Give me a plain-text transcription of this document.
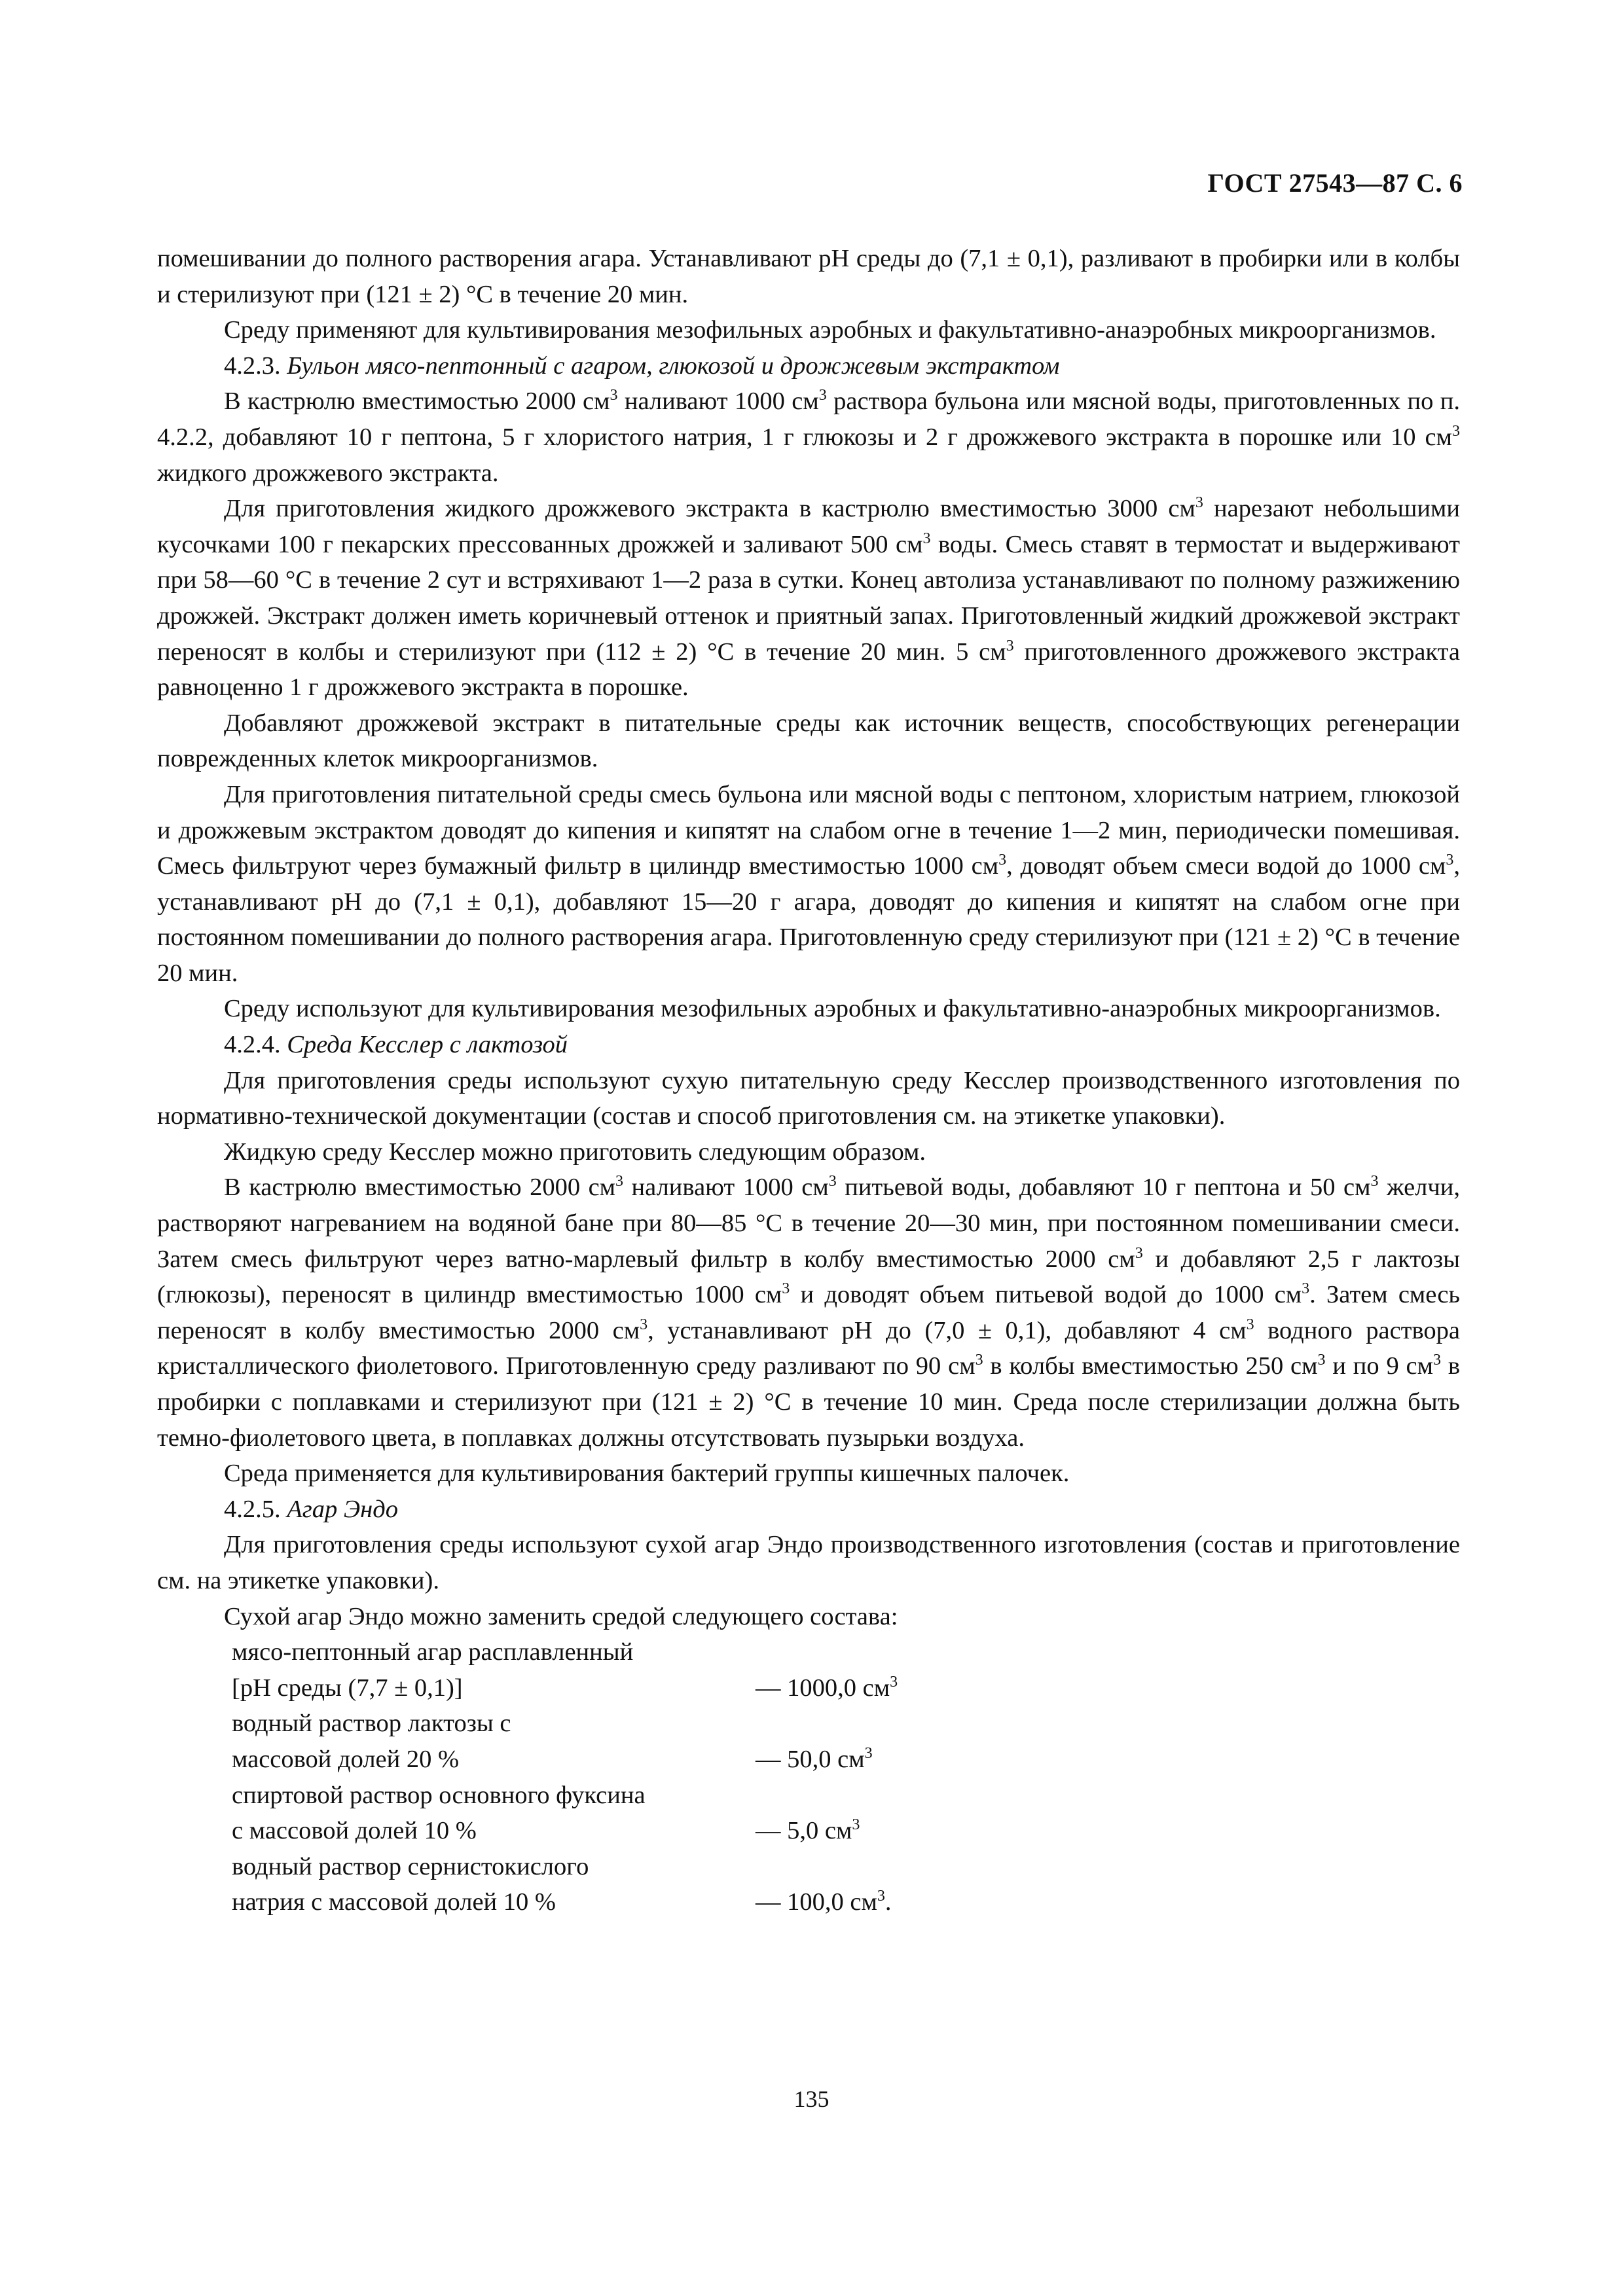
ГОСТ 27543—87 С. 6

помешивании до полного растворения агара. Устанавливают pH среды до (7,1 ± 0,1), разливают в пробирки или в колбы и стерилизуют при (121 ± 2) °С в течение 20 мин.

Среду применяют для культивирования мезофильных аэробных и факультативно-анаэробных микроорганизмов.

4.2.3. Бульон мясо-пептонный с агаром, глюкозой и дрожжевым экстрактом

В кастрюлю вместимостью 2000 $см^3$ наливают 1000 $см^3$ раствора бульона или мясной воды, приготовленных по п. 4.2.2, добавляют 10 г пептона, 5 г хлористого натрия, 1 г глюкозы и 2 г дрожжевого экстракта в порошке или 10 $см^3$ жидкого дрожжевого экстракта.

Для приготовления жидкого дрожжевого экстракта в кастрюлю вместимостью 3000 $см^3$ нарезают небольшими кусочками 100 г пекарских прессованных дрожжей и заливают 500 $см^3$ воды. Смесь ставят в термостат и выдерживают при 58—60 °С в течение 2 сут и встряхивают 1—2 раза в сутки. Конец автолиза устанавливают по полному разжижению дрожжей. Экстракт должен иметь коричневый оттенок и приятный запах. Приготовленный жидкий дрожжевой экстракт переносят в колбы и стерилизуют при (112 ± 2) °С в течение 20 мин. 5 $см^3$ приготовленного дрожжевого экстракта равноценно 1 г дрожжевого экстракта в порошке.

Добавляют дрожжевой экстракт в питательные среды как источник веществ, способствующих регенерации поврежденных клеток микроорганизмов.

Для приготовления питательной среды смесь бульона или мясной воды с пептоном, хлористым натрием, глюкозой и дрожжевым экстрактом доводят до кипения и кипятят на слабом огне в течение 1—2 мин, периодически помешивая. Смесь фильтруют через бумажный фильтр в цилиндр вместимостью 1000 $см^3$, доводят объем смеси водой до 1000 $см^3$, устанавливают pH до (7,1 ± 0,1), добавляют 15—20 г агара, доводят до кипения и кипятят на слабом огне при постоянном помешивании до полного растворения агара. Приготовленную среду стерилизуют при (121 ± 2) °С в течение 20 мин.

Среду используют для культивирования мезофильных аэробных и факультативно-анаэробных микроорганизмов.

4.2.4. Среда Кесслер с лактозой

Для приготовления среды используют сухую питательную среду Кесслер производственного изготовления по нормативно-технической документации (состав и способ приготовления см. на этикетке упаковки).

Жидкую среду Кесслер можно приготовить следующим образом.

В кастрюлю вместимостью 2000 $см^3$ наливают 1000 $см^3$ питьевой воды, добавляют 10 г пептона и 50 $см^3$ желчи, растворяют нагреванием на водяной бане при 80—85 °С в течение 20—30 мин, при постоянном помешивании смеси. Затем смесь фильтруют через ватно-марлевый фильтр в колбу вместимостью 2000 $см^3$ и добавляют 2,5 г лактозы (глюкозы), переносят в цилиндр вместимостью 1000 $см^3$ и доводят объем питьевой водой до 1000 $см^3$. Затем смесь переносят в колбу вместимостью 2000 $см^3$, устанавливают pH до (7,0 ± 0,1), добавляют 4 $см^3$ водного раствора кристаллического фиолетового. Приготовленную среду разливают по 90 $см^3$ в колбы вместимостью 250 $см^3$ и по 9 $см^3$ в пробирки с поплавками и стерилизуют при (121 ± 2) °С в течение 10 мин. Среда после стерилизации должна быть темно-фиолетового цвета, в поплавках должны отсутствовать пузырьки воздуха.

Среда применяется для культивирования бактерий группы кишечных палочек.

4.2.5. Агар Эндо

Для приготовления среды используют сухой агар Эндо производственного изготовления (состав и приготовление см. на этикетке упаковки).

Сухой агар Эндо можно заменить средой следующего состава:

мясо-пептонный агар расплавленный
[pH среды (7,7 ± 0,1)]	— 1000,0 $см^3$
водный раствор лактозы с
массовой долей 20 %	— 50,0 $см^3$
спиртовой раствор основного фуксина
с массовой долей 10 %	— 5,0 $см^3$
водный раствор сернистокислого
натрия с массовой долей 10 %	— 100,0 $см^3$.
135
